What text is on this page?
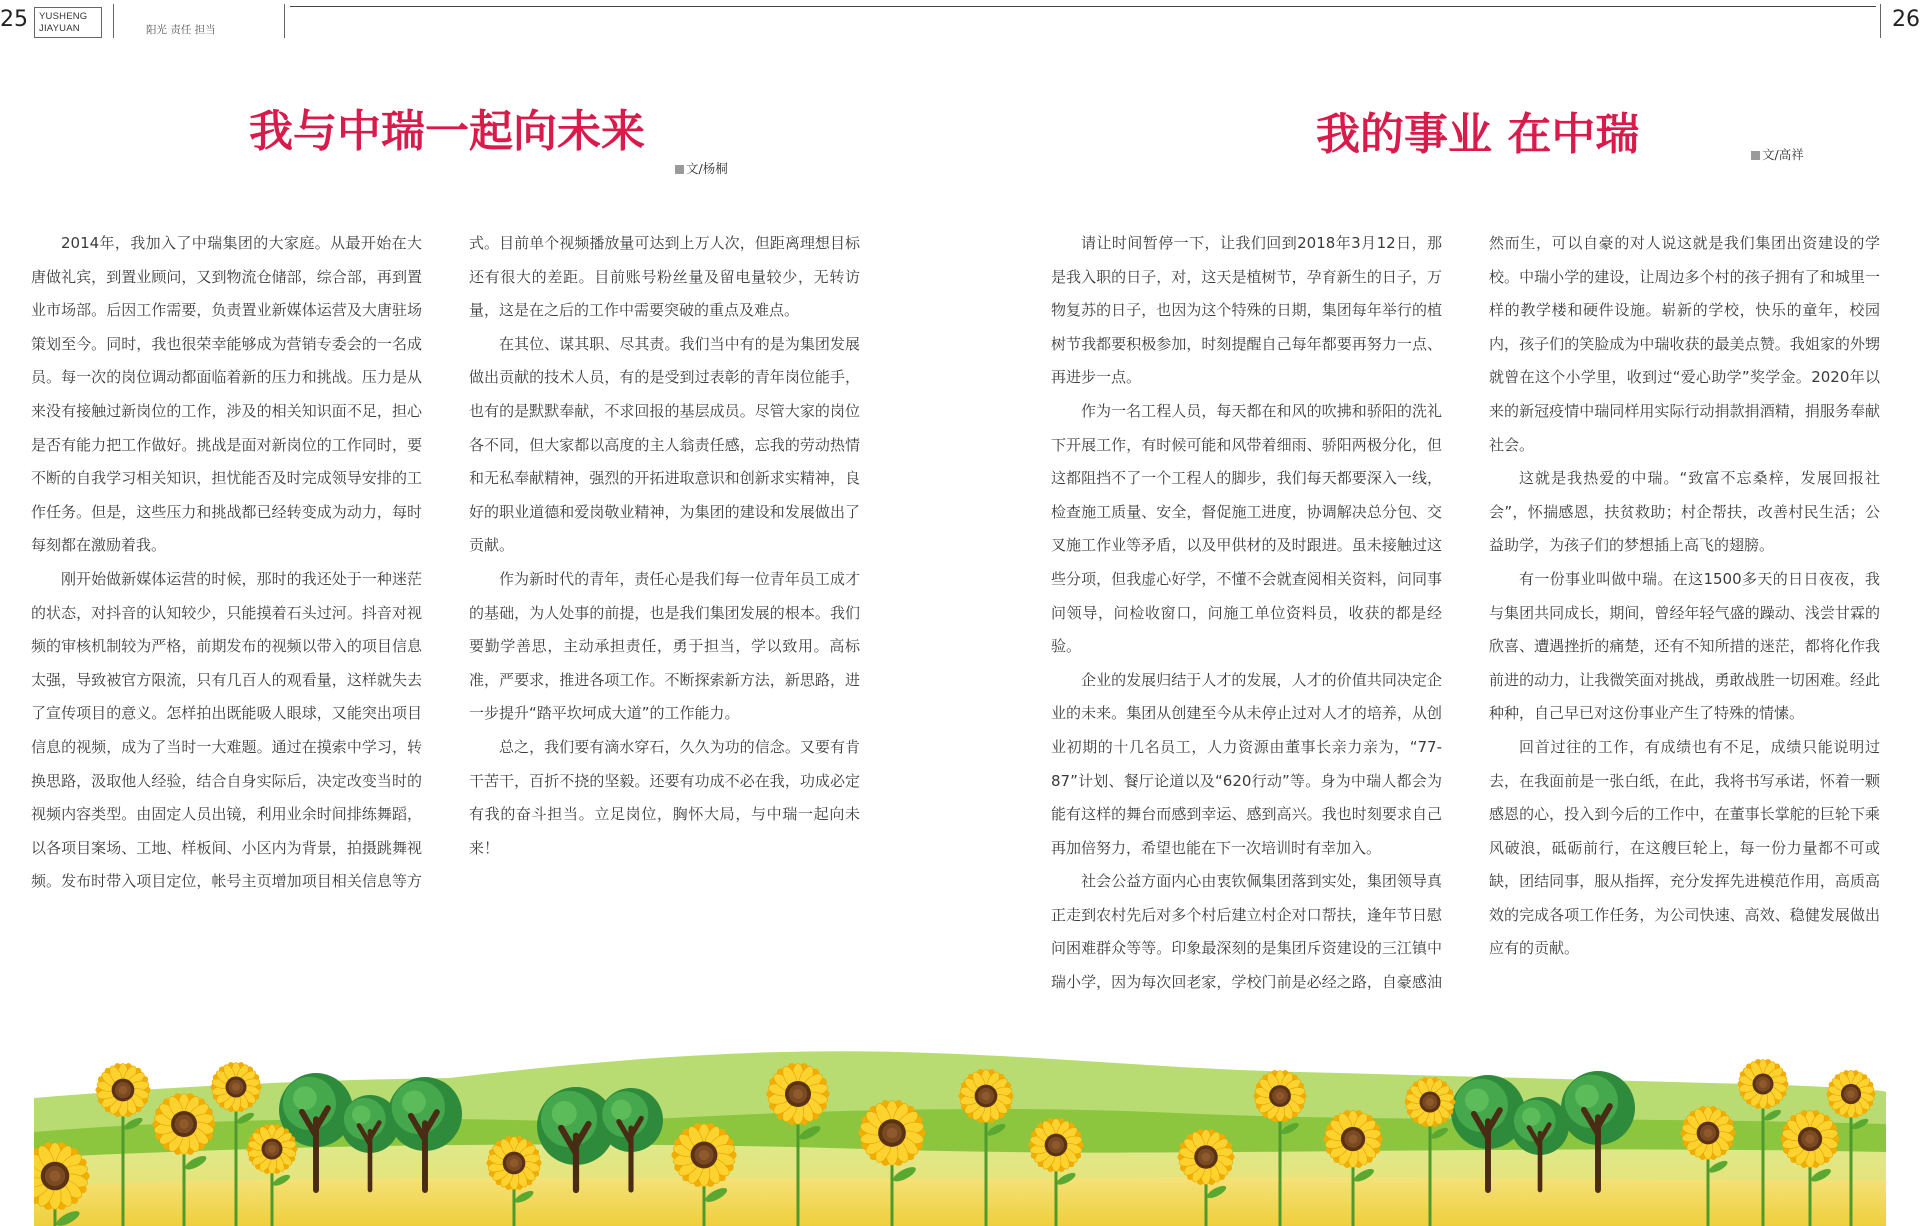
25 YUSHENG
JIAYUAN	阳光 责任 担当	26
我与中瑞一起向未来
文/杨桐

2014年，我加入了中瑞集团的大家庭。从最开始在大唐做礼宾，到置业顾问，又到物流仓储部，综合部，再到置业市场部。后因工作需要，负责置业新媒体运营及大唐驻场策划至今。同时，我也很荣幸能够成为营销专委会的一名成员。每一次的岗位调动都面临着新的压力和挑战。压力是从来没有接触过新岗位的工作，涉及的相关知识面不足，担心是否有能力把工作做好。挑战是面对新岗位的工作同时，要不断的自我学习相关知识，担忧能否及时完成领导安排的工作任务。但是，这些压力和挑战都已经转变成为动力，每时每刻都在激励着我。

刚开始做新媒体运营的时候，那时的我还处于一种迷茫的状态，对抖音的认知较少，只能摸着石头过河。抖音对视频的审核机制较为严格，前期发布的视频以带入的项目信息太强，导致被官方限流，只有几百人的观看量，这样就失去了宣传项目的意义。怎样拍出既能吸人眼球，又能突出项目信息的视频，成为了当时一大难题。通过在摸索中学习，转换思路，汲取他人经验，结合自身实际后，决定改变当时的视频内容类型。由固定人员出镜，利用业余时间排练舞蹈，以各项目案场、工地、样板间、小区内为背景，拍摄跳舞视频。发布时带入项目定位，帐号主页增加项目相关信息等方

式。目前单个视频播放量可达到上万人次，但距离理想目标还有很大的差距。目前账号粉丝量及留电量较少，无转访量，这是在之后的工作中需要突破的重点及难点。

在其位、谋其职、尽其责。我们当中有的是为集团发展做出贡献的技术人员，有的是受到过表彰的青年岗位能手，也有的是默默奉献，不求回报的基层成员。尽管大家的岗位各不同，但大家都以高度的主人翁责任感，忘我的劳动热情和无私奉献精神，强烈的开拓进取意识和创新求实精神，良好的职业道德和爱岗敬业精神，为集团的建设和发展做出了贡献。

作为新时代的青年，责任心是我们每一位青年员工成才的基础，为人处事的前提，也是我们集团发展的根本。我们要勤学善思，主动承担责任，勇于担当，学以致用。高标准，严要求，推进各项工作。不断探索新方法，新思路，进一步提升“踏平坎坷成大道”的工作能力。

总之，我们要有滴水穿石，久久为功的信念。又要有肯干苦干，百折不挠的坚毅。还要有功成不必在我，功成必定有我的奋斗担当。立足岗位，胸怀大局，与中瑞一起向未来！

我的事业 在中瑞	文/高祥

请让时间暂停一下，让我们回到2018年3月12日，那是我入职的日子，对，这天是植树节，孕育新生的日子，万物复苏的日子，也因为这个特殊的日期，集团每年举行的植树节我都要积极参加，时刻提醒自己每年都要再努力一点、再进步一点。

作为一名工程人员，每天都在和风的吹拂和骄阳的洗礼下开展工作，有时候可能和风带着细雨、骄阳两极分化，但这都阻挡不了一个工程人的脚步，我们每天都要深入一线，检查施工质量、安全，督促施工进度，协调解决总分包、交叉施工作业等矛盾，以及甲供材的及时跟进。虽未接触过这些分项，但我虚心好学，不懂不会就查阅相关资料，问同事问领导，问检收窗口，问施工单位资料员，收获的都是经验。

企业的发展归结于人才的发展，人才的价值共同决定企业的未来。集团从创建至今从未停止过对人才的培养，从创业初期的十几名员工，人力资源由董事长亲力亲为，“77-87”计划、餐厅论道以及“620行动”等。身为中瑞人都会为能有这样的舞台而感到幸运、感到高兴。我也时刻要求自己再加倍努力，希望也能在下一次培训时有幸加入。

社会公益方面内心由衷钦佩集团落到实处，集团领导真正走到农村先后对多个村后建立村企对口帮扶，逢年节日慰问困难群众等等。印象最深刻的是集团斥资建设的三江镇中瑞小学，因为每次回老家，学校门前是必经之路，自豪感油

然而生，可以自豪的对人说这就是我们集团出资建设的学校。中瑞小学的建设，让周边多个村的孩子拥有了和城里一样的教学楼和硬件设施。崭新的学校，快乐的童年，校园内，孩子们的笑脸成为中瑞收获的最美点赞。我姐家的外甥就曾在这个小学里，收到过“爱心助学”奖学金。2020年以来的新冠疫情中瑞同样用实际行动捐款捐酒精，捐服务奉献社会。

这就是我热爱的中瑞。“致富不忘桑梓，发展回报社会”，怀揣感恩，扶贫救助；村企帮扶，改善村民生活；公益助学，为孩子们的梦想插上高飞的翅膀。

有一份事业叫做中瑞。在这1500多天的日日夜夜，我与集团共同成长，期间，曾经年轻气盛的躁动、浅尝甘霖的欣喜、遭遇挫折的痛楚，还有不知所措的迷茫，都将化作我前进的动力，让我微笑面对挑战，勇敢战胜一切困难。经此种种，自己早已对这份事业产生了特殊的情愫。

回首过往的工作，有成绩也有不足，成绩只能说明过去，在我面前是一张白纸，在此，我将书写承诺，怀着一颗感恩的心，投入到今后的工作中，在董事长掌舵的巨轮下乘风破浪，砥砺前行，在这艘巨轮上，每一份力量都不可或缺，团结同事，服从指挥，充分发挥先进模范作用，高质高效的完成各项工作任务，为公司快速、高效、稳健发展做出应有的贡献。
